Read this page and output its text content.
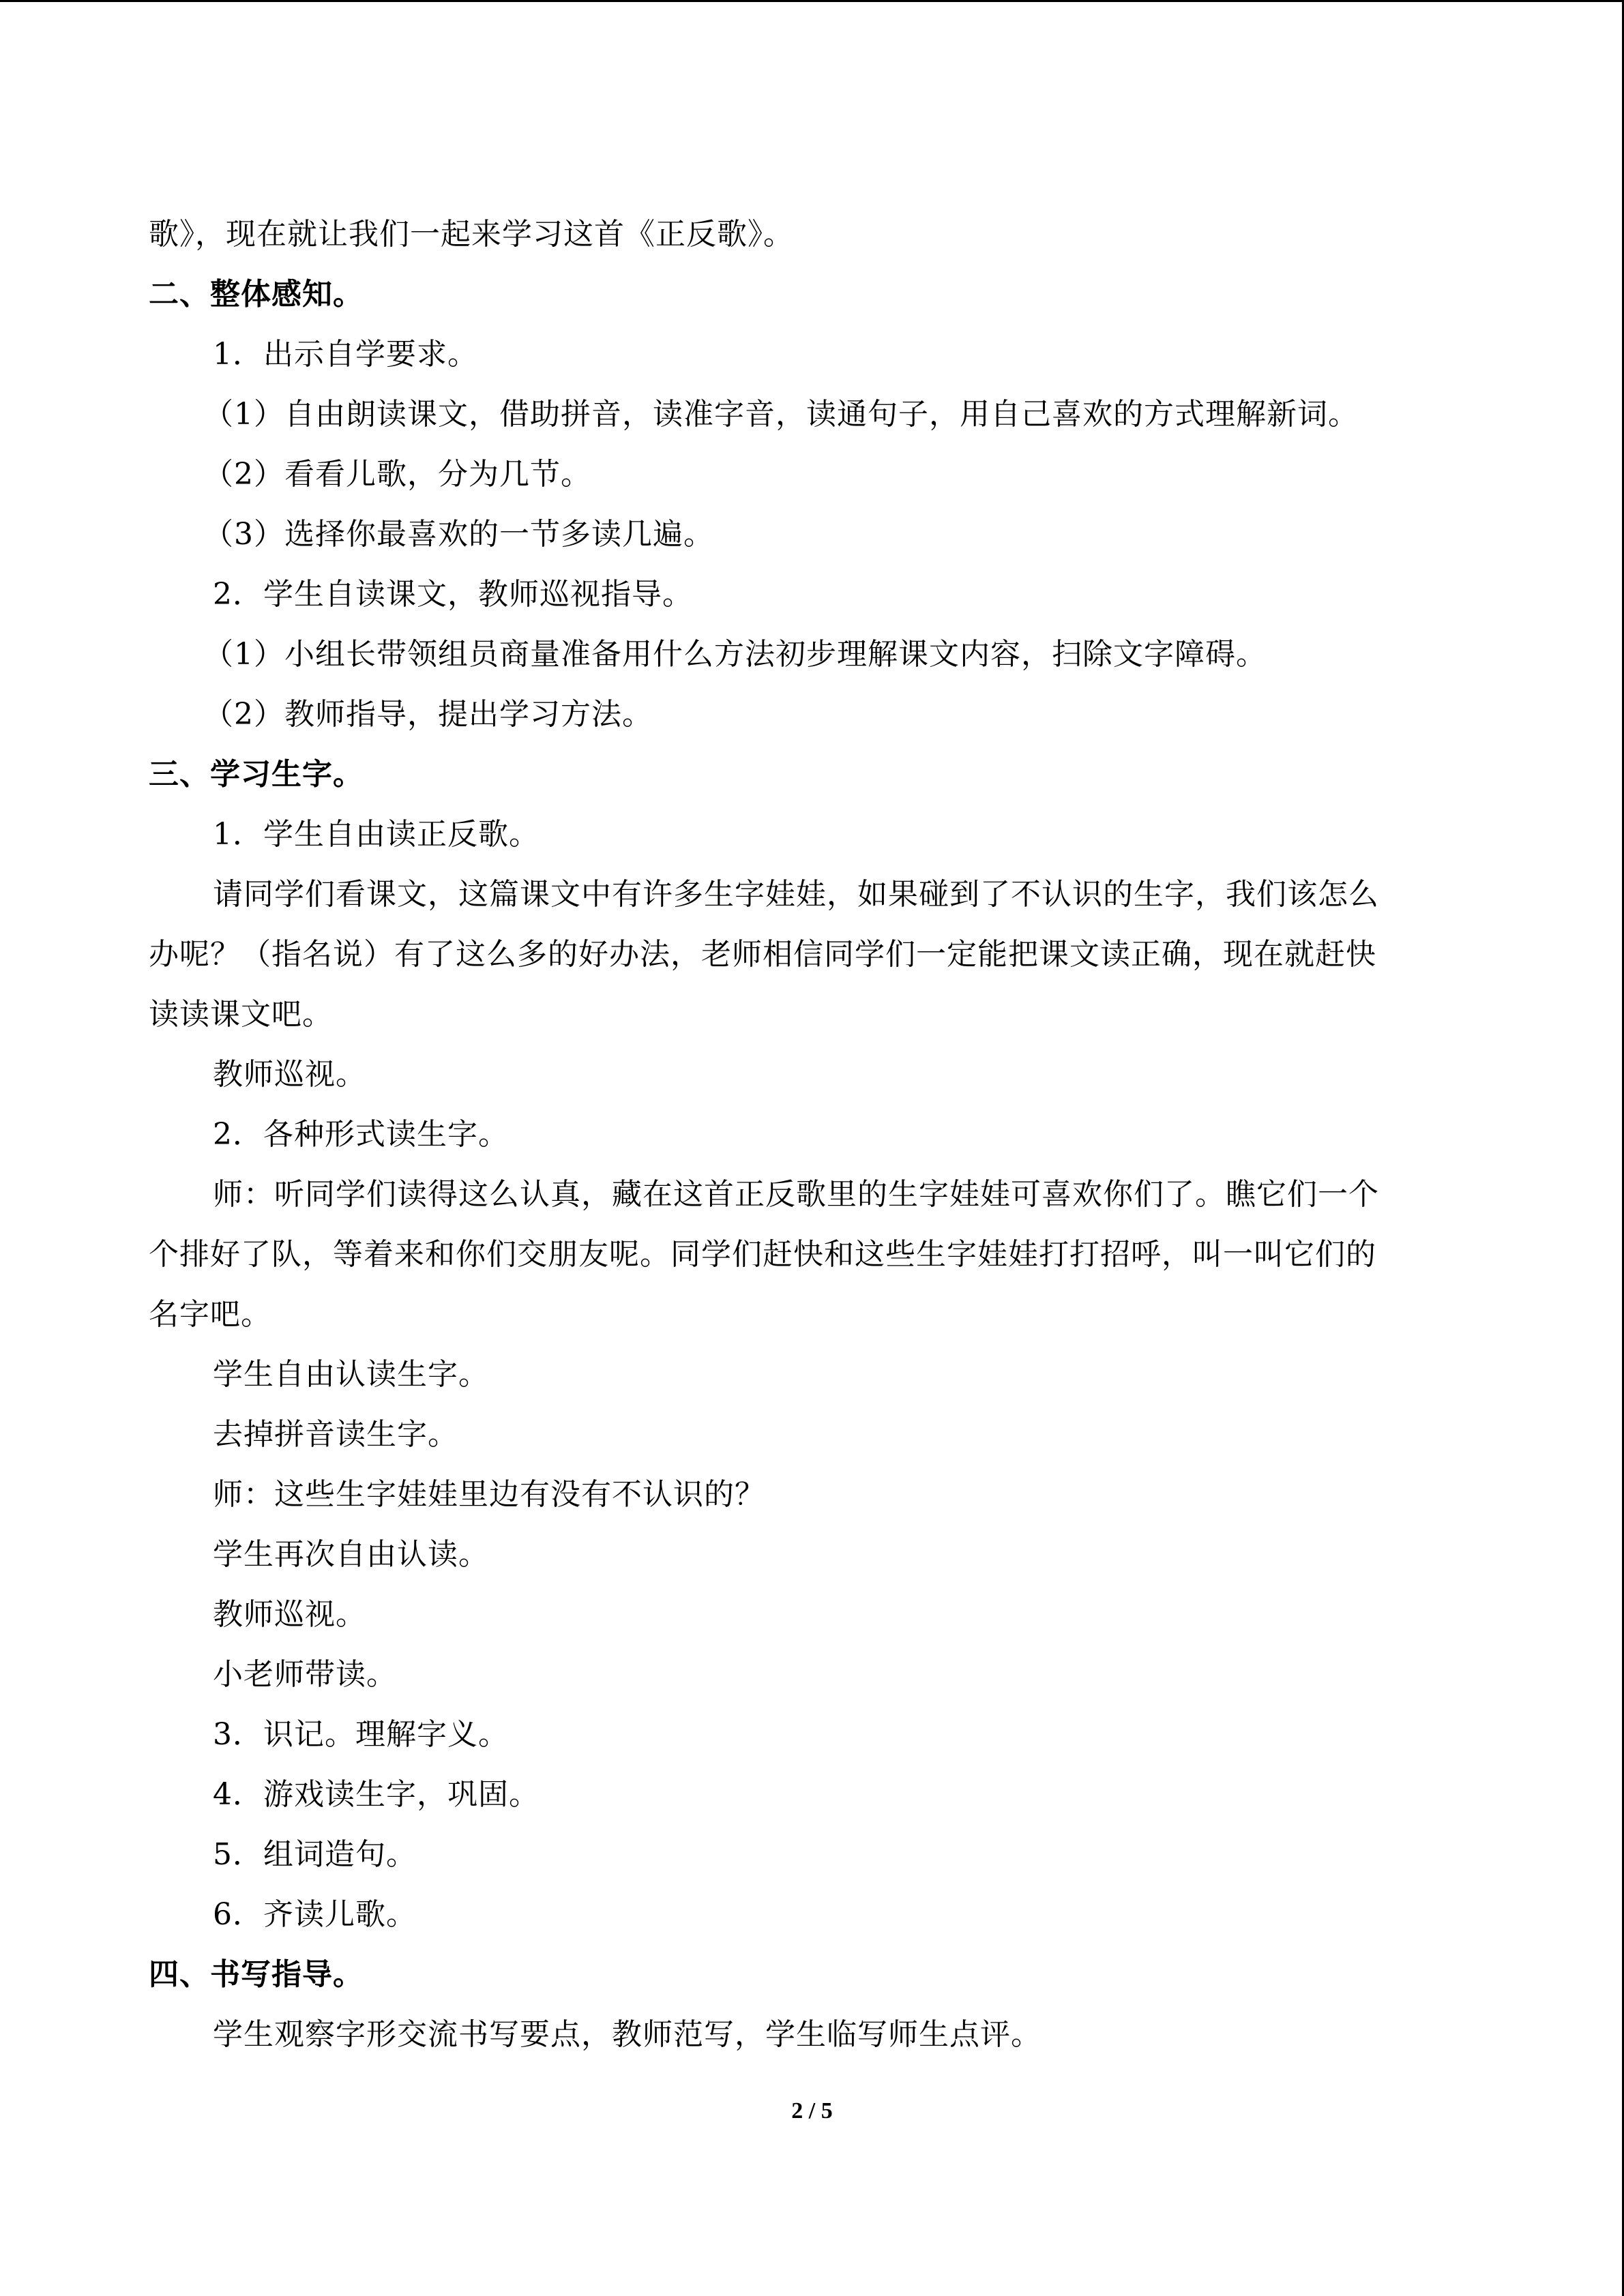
歌》，现在就让我们一起来学习这首《正反歌》。
二、整体感知。
1．出示自学要求。
（1）自由朗读课文，借助拼音，读准字音，读通句子，用自己喜欢的方式理解新词。
（2）看看儿歌，分为几节。
（3）选择你最喜欢的一节多读几遍。
2．学生自读课文，教师巡视指导。
（1）小组长带领组员商量准备用什么方法初步理解课文内容，扫除文字障碍。
（2）教师指导，提出学习方法。
三、学习生字。
1．学生自由读正反歌。
请同学们看课文，这篇课文中有许多生字娃娃，如果碰到了不认识的生字，我们该怎么
办呢？（指名说）有了这么多的好办法，老师相信同学们一定能把课文读正确，现在就赶快
读读课文吧。
教师巡视。
2．各种形式读生字。
师：听同学们读得这么认真，藏在这首正反歌里的生字娃娃可喜欢你们了。瞧它们一个
个排好了队，等着来和你们交朋友呢。同学们赶快和这些生字娃娃打打招呼，叫一叫它们的
名字吧。
学生自由认读生字。
去掉拼音读生字。
师：这些生字娃娃里边有没有不认识的？
学生再次自由认读。
教师巡视。
小老师带读。
3．识记。理解字义。
4．游戏读生字，巩固。
5．组词造句。
6．齐读儿歌。
四、书写指导。
学生观察字形交流书写要点，教师范写，学生临写师生点评。
2 / 5
